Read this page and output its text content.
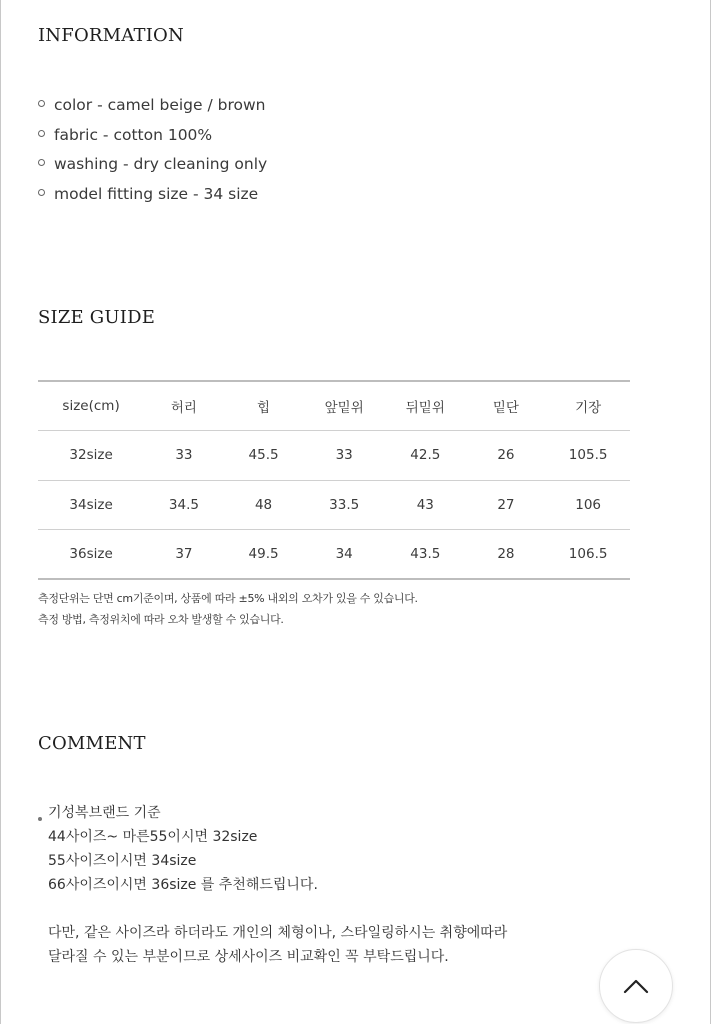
INFORMATION
color - camel beige / brown
fabric - cotton 100%
washing - dry cleaning only
model fitting size - 34 size
SIZE GUIDE
size(cm)	허리	힙	앞밑위	뒤밑위	밑단	기장
32size	33	45.5	33	42.5	26	105.5
34size	34.5	48	33.5	43	27	106
36size	37	49.5	34	43.5	28	106.5
측정단위는 단면 cm기준이며, 상품에 따라 ±5% 내외의 오차가 있을 수 있습니다.
측정 방법, 측정위치에 따라 오차 발생할 수 있습니다.
COMMENT
기성복브랜드 기준
44사이즈~ 마른55이시면 32size
55사이즈이시면 34size
66사이즈이시면 36size 를 추천해드립니다.
다만, 같은 사이즈라 하더라도 개인의 체형이나, 스타일링하시는 취향에따라
달라질 수 있는 부분이므로 상세사이즈 비교확인 꼭 부탁드립니다.
